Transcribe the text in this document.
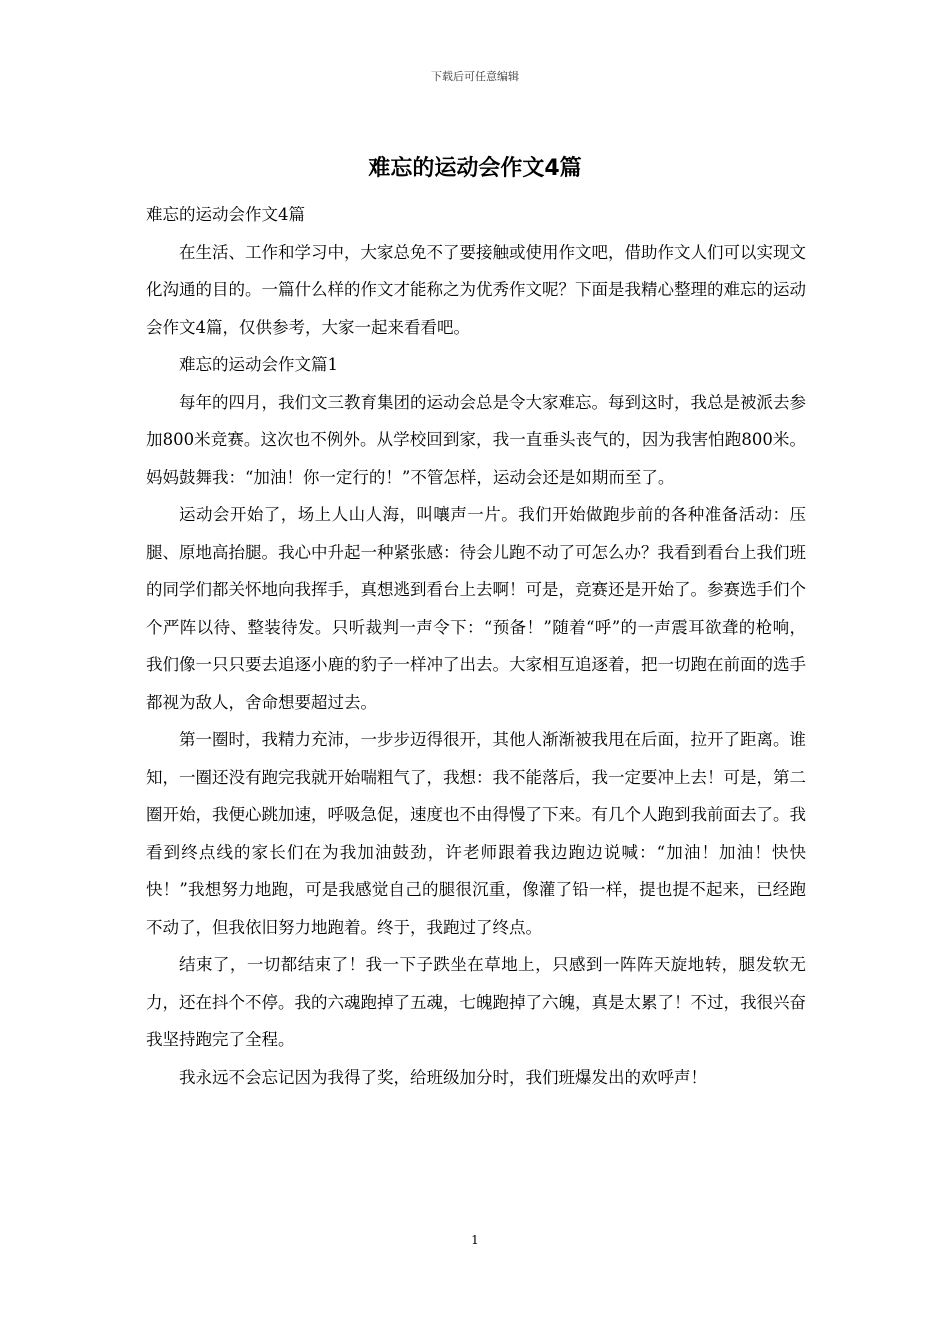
下载后可任意编辑
难忘的运动会作文4篇

难忘的运动会作文4篇

在生活、工作和学习中，大家总免不了要接触或使用作文吧，借助作文人们可以实现文化沟通的目的。一篇什么样的作文才能称之为优秀作文呢？下面是我精心整理的难忘的运动会作文4篇，仅供参考，大家一起来看看吧。

难忘的运动会作文篇1

每年的四月，我们文三教育集团的运动会总是令大家难忘。每到这时，我总是被派去参加800米竞赛。这次也不例外。从学校回到家，我一直垂头丧气的，因为我害怕跑800米。妈妈鼓舞我：“加油！你一定行的！”不管怎样，运动会还是如期而至了。

运动会开始了，场上人山人海，叫嚷声一片。我们开始做跑步前的各种准备活动：压腿、原地高抬腿。我心中升起一种紧张感：待会儿跑不动了可怎么办？我看到看台上我们班的同学们都关怀地向我挥手，真想逃到看台上去啊！可是，竞赛还是开始了。参赛选手们个个严阵以待、整装待发。只听裁判一声令下：“预备！”随着“呼”的一声震耳欲聋的枪响，我们像一只只要去追逐小鹿的豹子一样冲了出去。大家相互追逐着，把一切跑在前面的选手都视为敌人，舍命想要超过去。

第一圈时，我精力充沛，一步步迈得很开，其他人渐渐被我甩在后面，拉开了距离。谁知，一圈还没有跑完我就开始喘粗气了，我想：我不能落后，我一定要冲上去！可是，第二圈开始，我便心跳加速，呼吸急促，速度也不由得慢了下来。有几个人跑到我前面去了。我看到终点线的家长们在为我加油鼓劲，许老师跟着我边跑边说喊：“加油！加油！快快快！”我想努力地跑，可是我感觉自己的腿很沉重，像灌了铅一样，提也提不起来，已经跑不动了，但我依旧努力地跑着。终于，我跑过了终点。

结束了，一切都结束了！我一下子跌坐在草地上，只感到一阵阵天旋地转，腿发软无力，还在抖个不停。我的六魂跑掉了五魂，七魄跑掉了六魄，真是太累了！不过，我很兴奋我坚持跑完了全程。

我永远不会忘记因为我得了奖，给班级加分时，我们班爆发出的欢呼声！

1
